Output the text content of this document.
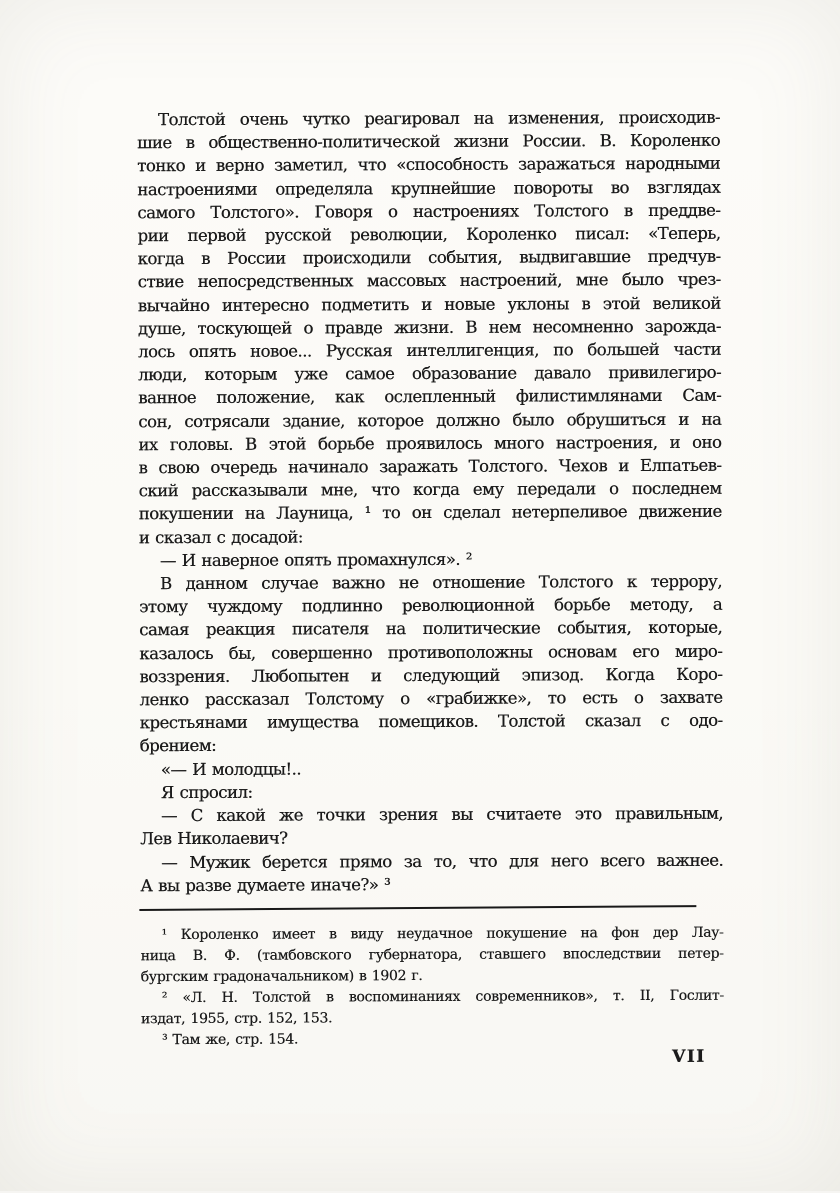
Толстой очень чутко реагировал на изменения, происходив-
шие в общественно-политической жизни России. В. Короленко
тонко и верно заметил, что «способность заражаться народными
настроениями определяла крупнейшие повороты во взглядах
самого Толстого». Говоря о настроениях Толстого в преддве-
рии первой русской революции, Короленко писал: «Теперь,
когда в России происходили события, выдвигавшие предчув-
ствие непосредственных массовых настроений, мне было чрез-
вычайно интересно подметить и новые уклоны в этой великой
душе, тоскующей о правде жизни. В нем несомненно зарожда-
лось опять новое... Русская интеллигенция, по большей части
люди, которым уже самое образование давало привилегиро-
ванное положение, как ослепленный филистимлянами Сам-
сон, сотрясали здание, которое должно было обрушиться и на
их головы. В этой борьбе проявилось много настроения, и оно
в свою очередь начинало заражать Толстого. Чехов и Елпатьев-
ский рассказывали мне, что когда ему передали о последнем
покушении на Лауница, ¹ то он сделал нетерпеливое движение
и сказал с досадой:
— И наверное опять промахнулся». ²
В данном случае важно не отношение Толстого к террору,
этому чуждому подлинно революционной борьбе методу, а
самая реакция писателя на политические события, которые,
казалось бы, совершенно противоположны основам его миро-
воззрения. Любопытен и следующий эпизод. Когда Коро-
ленко рассказал Толстому о «грабижке», то есть о захвате
крестьянами имущества помещиков. Толстой сказал с одо-
брением:
«— И молодцы!..
Я спросил:
— С какой же точки зрения вы считаете это правильным,
Лев Николаевич?
— Мужик берется прямо за то, что для него всего важнее.
А вы разве думаете иначе?» ³
¹ Короленко имеет в виду неудачное покушение на фон дер Лау-
ница В. Ф. (тамбовского губернатора, ставшего впоследствии петер-
бургским градоначальником) в 1902 г.
² «Л. Н. Толстой в воспоминаниях современников», т. II, Гослит-
издат, 1955, стр. 152, 153.
³ Там же, стр. 154.
VII
